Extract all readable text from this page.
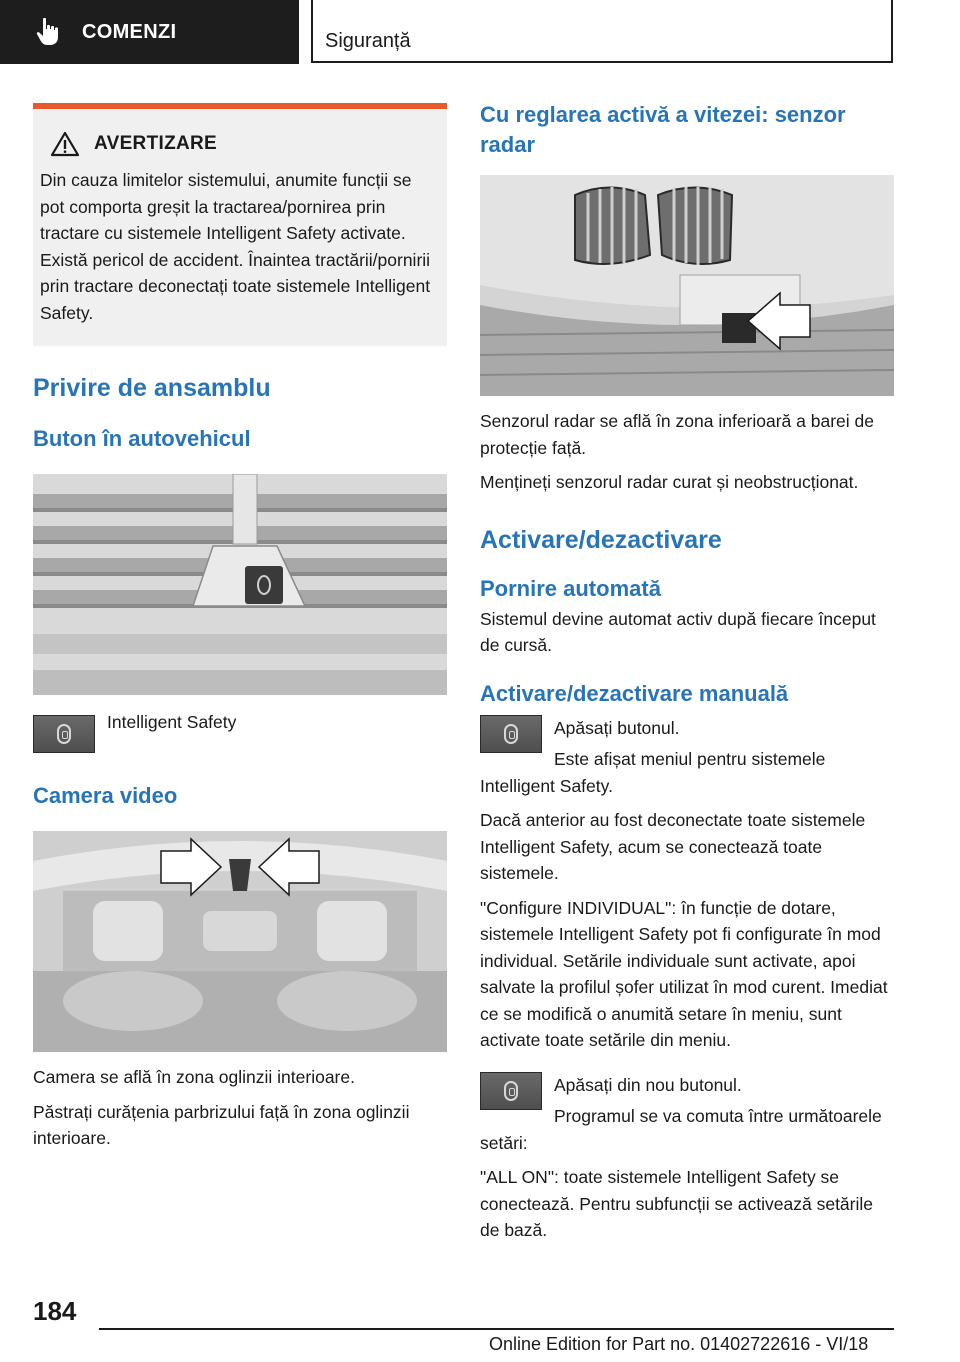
COMENZI	Siguranță
AVERTIZARE
Din cauza limitelor sistemului, anumite funcții se pot comporta greșit la tractarea/pornirea prin tractare cu sistemele Intelligent Safety activate. Există pericol de accident. Înaintea tractării/pornirii prin tractare deconectați toate sistemele Intelligent Safety.
Privire de ansamblu
Buton în autovehicul

Intelligent Safety

Camera video

Camera se află în zona oglinzii interioare.

Păstrați curățenia parbrizului față în zona oglinzii interioare.

Cu reglarea activă a vitezei: senzor radar

Senzorul radar se află în zona inferioară a barei de protecție față.

Mențineți senzorul radar curat și neobstrucționat.

Activare/dezactivare
Pornire automată

Sistemul devine automat activ după fiecare început de cursă.

Activare/dezactivare manuală

Apăsați butonul.

Este afișat meniul pentru sistemele Intelligent Safety.

Dacă anterior au fost deconectate toate sistemele Intelligent Safety, acum se conectează toate sistemele.

"Configure INDIVIDUAL": în funcție de dotare, sistemele Intelligent Safety pot fi configurate în mod individual. Setările individuale sunt activate, apoi salvate la profilul șofer utilizat în mod curent. Imediat ce se modifică o anumită setare în meniu, sunt activate toate setările din meniu.

Apăsați din nou butonul.

Programul se va comuta între următoarele setări:

"ALL ON": toate sistemele Intelligent Safety se conectează. Pentru subfuncții se activează setările de bază.

184
Online Edition for Part no. 01402722616 - VI/18
